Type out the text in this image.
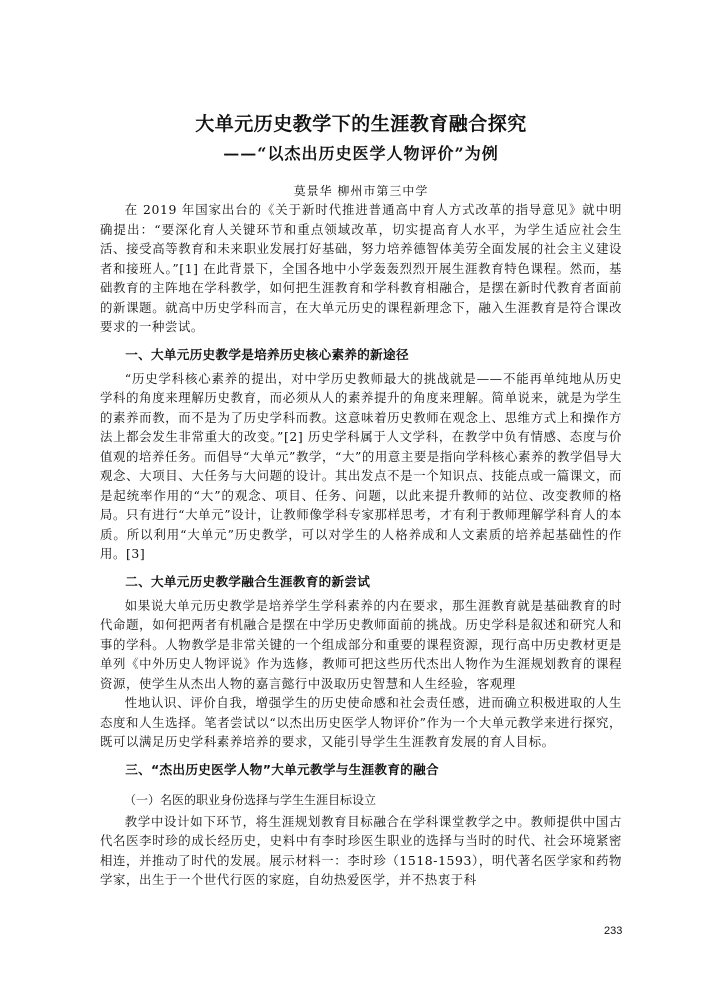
大单元历史教学下的生涯教育融合探究
——“以杰出历史医学人物评价”为例
莫景华 柳州市第三中学

在 2019 年国家出台的《关于新时代推进普通高中育人方式改革的指导意见》就中明确提出：“要深化育人关键环节和重点领域改革，切实提高育人水平，为学生适应社会生活、接受高等教育和未来职业发展打好基础，努力培养德智体美劳全面发展的社会主义建设者和接班人。”[1] 在此背景下，全国各地中小学轰轰烈烈开展生涯教育特色课程。然而，基础教育的主阵地在学科教学，如何把生涯教育和学科教育相融合，是摆在新时代教育者面前的新课题。就高中历史学科而言，在大单元历史的课程新理念下，融入生涯教育是符合课改要求的一种尝试。

一、大单元历史教学是培养历史核心素养的新途径

“历史学科核心素养的提出，对中学历史教师最大的挑战就是——不能再单纯地从历史学科的角度来理解历史教育，而必须从人的素养提升的角度来理解。简单说来，就是为学生的素养而教，而不是为了历史学科而教。这意味着历史教师在观念上、思维方式上和操作方法上都会发生非常重大的改变。”[2] 历史学科属于人文学科，在教学中负有情感、态度与价值观的培养任务。而倡导“大单元”教学，“大”的用意主要是指向学科核心素养的教学倡导大观念、大项目、大任务与大问题的设计。其出发点不是一个知识点、技能点或一篇课文，而是起统率作用的“大”的观念、项目、任务、问题，以此来提升教师的站位、改变教师的格局。只有进行“大单元”设计，让教师像学科专家那样思考，才有利于教师理解学科育人的本质。所以利用“大单元”历史教学，可以对学生的人格养成和人文素质的培养起基础性的作用。[3]

二、大单元历史教学融合生涯教育的新尝试

如果说大单元历史教学是培养学生学科素养的内在要求，那生涯教育就是基础教育的时代命题，如何把两者有机融合是摆在中学历史教师面前的挑战。历史学科是叙述和研究人和事的学科。人物教学是非常关键的一个组成部分和重要的课程资源，现行高中历史教材更是单列《中外历史人物评说》作为选修，教师可把这些历代杰出人物作为生涯规划教育的课程资源，使学生从杰出人物的嘉言懿行中汲取历史智慧和人生经验，客观理

性地认识、评价自我，增强学生的历史使命感和社会责任感，进而确立积极进取的人生态度和人生选择。笔者尝试以“以杰出历史医学人物评价”作为一个大单元教学来进行探究，既可以满足历史学科素养培养的要求，又能引导学生生涯教育发展的育人目标。

三、“杰出历史医学人物”大单元教学与生涯教育的融合
（一）名医的职业身份选择与学生生涯目标设立

教学中设计如下环节，将生涯规划教育目标融合在学科课堂教学之中。教师提供中国古代名医李时珍的成长经历史，史料中有李时珍医生职业的选择与当时的时代、社会环境紧密相连，并推动了时代的发展。展示材料一：李时珍（1518-1593），明代著名医学家和药物学家，出生于一个世代行医的家庭，自幼热爱医学，并不热衷于科

233
